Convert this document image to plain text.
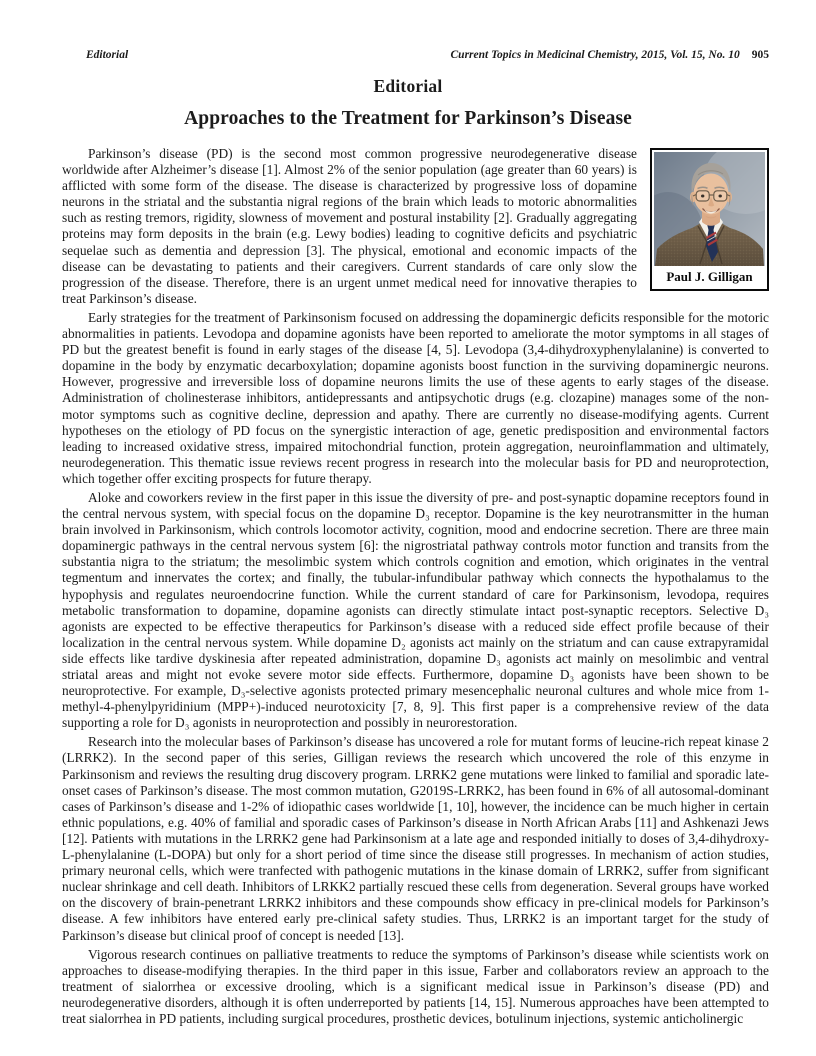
Editorial	Current Topics in Medicinal Chemistry, 2015, Vol. 15, No. 10 905
Editorial
Approaches to the Treatment for Parkinson’s Disease
Paul J. Gilligan

Parkinson’s disease (PD) is the second most common progressive neurodegenerative disease worldwide after Alzheimer’s disease [1]. Almost 2% of the senior population (age greater than 60 years) is afflicted with some form of the disease. The disease is characterized by progressive loss of dopamine neurons in the striatal and the substantia nigral regions of the brain which leads to motoric abnormalities such as resting tremors, rigidity, slowness of movement and postural instability [2]. Gradually aggregating proteins may form deposits in the brain (e.g. Lewy bodies) leading to cognitive deficits and psychiatric sequelae such as dementia and depression [3]. The physical, emotional and economic impacts of the disease can be devastating to patients and their caregivers. Current standards of care only slow the progression of the disease. Therefore, there is an urgent unmet medical need for innovative therapies to treat Parkinson’s disease.

Early strategies for the treatment of Parkinsonism focused on addressing the dopaminergic deficits responsible for the motoric abnormalities in patients. Levodopa and dopamine agonists have been reported to ameliorate the motor symptoms in all stages of PD but the greatest benefit is found in early stages of the disease [4, 5]. Levodopa (3,4-dihydroxyphenylalanine) is converted to dopamine in the body by enzymatic decarboxylation; dopamine agonists boost function in the surviving dopaminergic neurons. However, progressive and irreversible loss of dopamine neurons limits the use of these agents to early stages of the disease. Administration of cholinesterase inhibitors, antidepressants and antipsychotic drugs (e.g. clozapine) manages some of the non-motor symptoms such as cognitive decline, depression and apathy. There are currently no disease-modifying agents. Current hypotheses on the etiology of PD focus on the synergistic interaction of age, genetic predisposition and environmental factors leading to increased oxidative stress, impaired mitochondrial function, protein aggregation, neuroinflammation and ultimately, neurodegeneration. This thematic issue reviews recent progress in research into the molecular basis for PD and neuroprotection, which together offer exciting prospects for future therapy.

Aloke and coworkers review in the first paper in this issue the diversity of pre- and post-synaptic dopamine receptors found in the central nervous system, with special focus on the dopamine D₃ receptor. Dopamine is the key neurotransmitter in the human brain involved in Parkinsonism, which controls locomotor activity, cognition, mood and endocrine secretion. There are three main dopaminergic pathways in the central nervous system [6]: the nigrostriatal pathway controls motor function and transits from the substantia nigra to the striatum; the mesolimbic system which controls cognition and emotion, which originates in the ventral tegmentum and innervates the cortex; and finally, the tubular-infundibular pathway which connects the hypothalamus to the hypophysis and regulates neuroendocrine function. While the current standard of care for Parkinsonism, levodopa, requires metabolic transformation to dopamine, dopamine agonists can directly stimulate intact post-synaptic receptors. Selective D₃ agonists are expected to be effective therapeutics for Parkinson’s disease with a reduced side effect profile because of their localization in the central nervous system. While dopamine D₂ agonists act mainly on the striatum and can cause extrapyramidal side effects like tardive dyskinesia after repeated administration, dopamine D₃ agonists act mainly on mesolimbic and ventral striatal areas and might not evoke severe motor side effects. Furthermore, dopamine D₃ agonists have been shown to be neuroprotective. For example, D₃-selective agonists protected primary mesencephalic neuronal cultures and whole mice from 1-methyl-4-phenylpyridinium (MPP+)-induced neurotoxicity [7, 8, 9]. This first paper is a comprehensive review of the data supporting a role for D₃ agonists in neuroprotection and possibly in neurorestoration.

Research into the molecular bases of Parkinson’s disease has uncovered a role for mutant forms of leucine-rich repeat kinase 2 (LRRK2). In the second paper of this series, Gilligan reviews the research which uncovered the role of this enzyme in Parkinsonism and reviews the resulting drug discovery program. LRRK2 gene mutations were linked to familial and sporadic late-onset cases of Parkinson’s disease. The most common mutation, G2019S-LRRK2, has been found in 6% of all autosomal-dominant cases of Parkinson’s disease and 1-2% of idiopathic cases worldwide [1, 10], however, the incidence can be much higher in certain ethnic populations, e.g. 40% of familial and sporadic cases of Parkinson’s disease in North African Arabs [11] and Ashkenazi Jews [12]. Patients with mutations in the LRRK2 gene had Parkinsonism at a late age and responded initially to doses of 3,4-dihydroxy-L-phenylalanine (L-DOPA) but only for a short period of time since the disease still progresses. In mechanism of action studies, primary neuronal cells, which were tranfected with pathogenic mutations in the kinase domain of LRRK2, suffer from significant nuclear shrinkage and cell death. Inhibitors of LRKK2 partially rescued these cells from degeneration. Several groups have worked on the discovery of brain-penetrant LRRK2 inhibitors and these compounds show efficacy in pre-clinical models for Parkinson’s disease. A few inhibitors have entered early pre-clinical safety studies. Thus, LRRK2 is an important target for the study of Parkinson’s disease but clinical proof of concept is needed [13].

Vigorous research continues on palliative treatments to reduce the symptoms of Parkinson’s disease while scientists work on approaches to disease-modifying therapies. In the third paper in this issue, Farber and collaborators review an approach to the treatment of sialorrhea or excessive drooling, which is a significant medical issue in Parkinson’s disease (PD) and neurodegenerative disorders, although it is often underreported by patients [14, 15]. Numerous approaches have been attempted to treat sialorrhea in PD patients, including surgical procedures, prosthetic devices, botulinum injections, systemic anticholinergic
